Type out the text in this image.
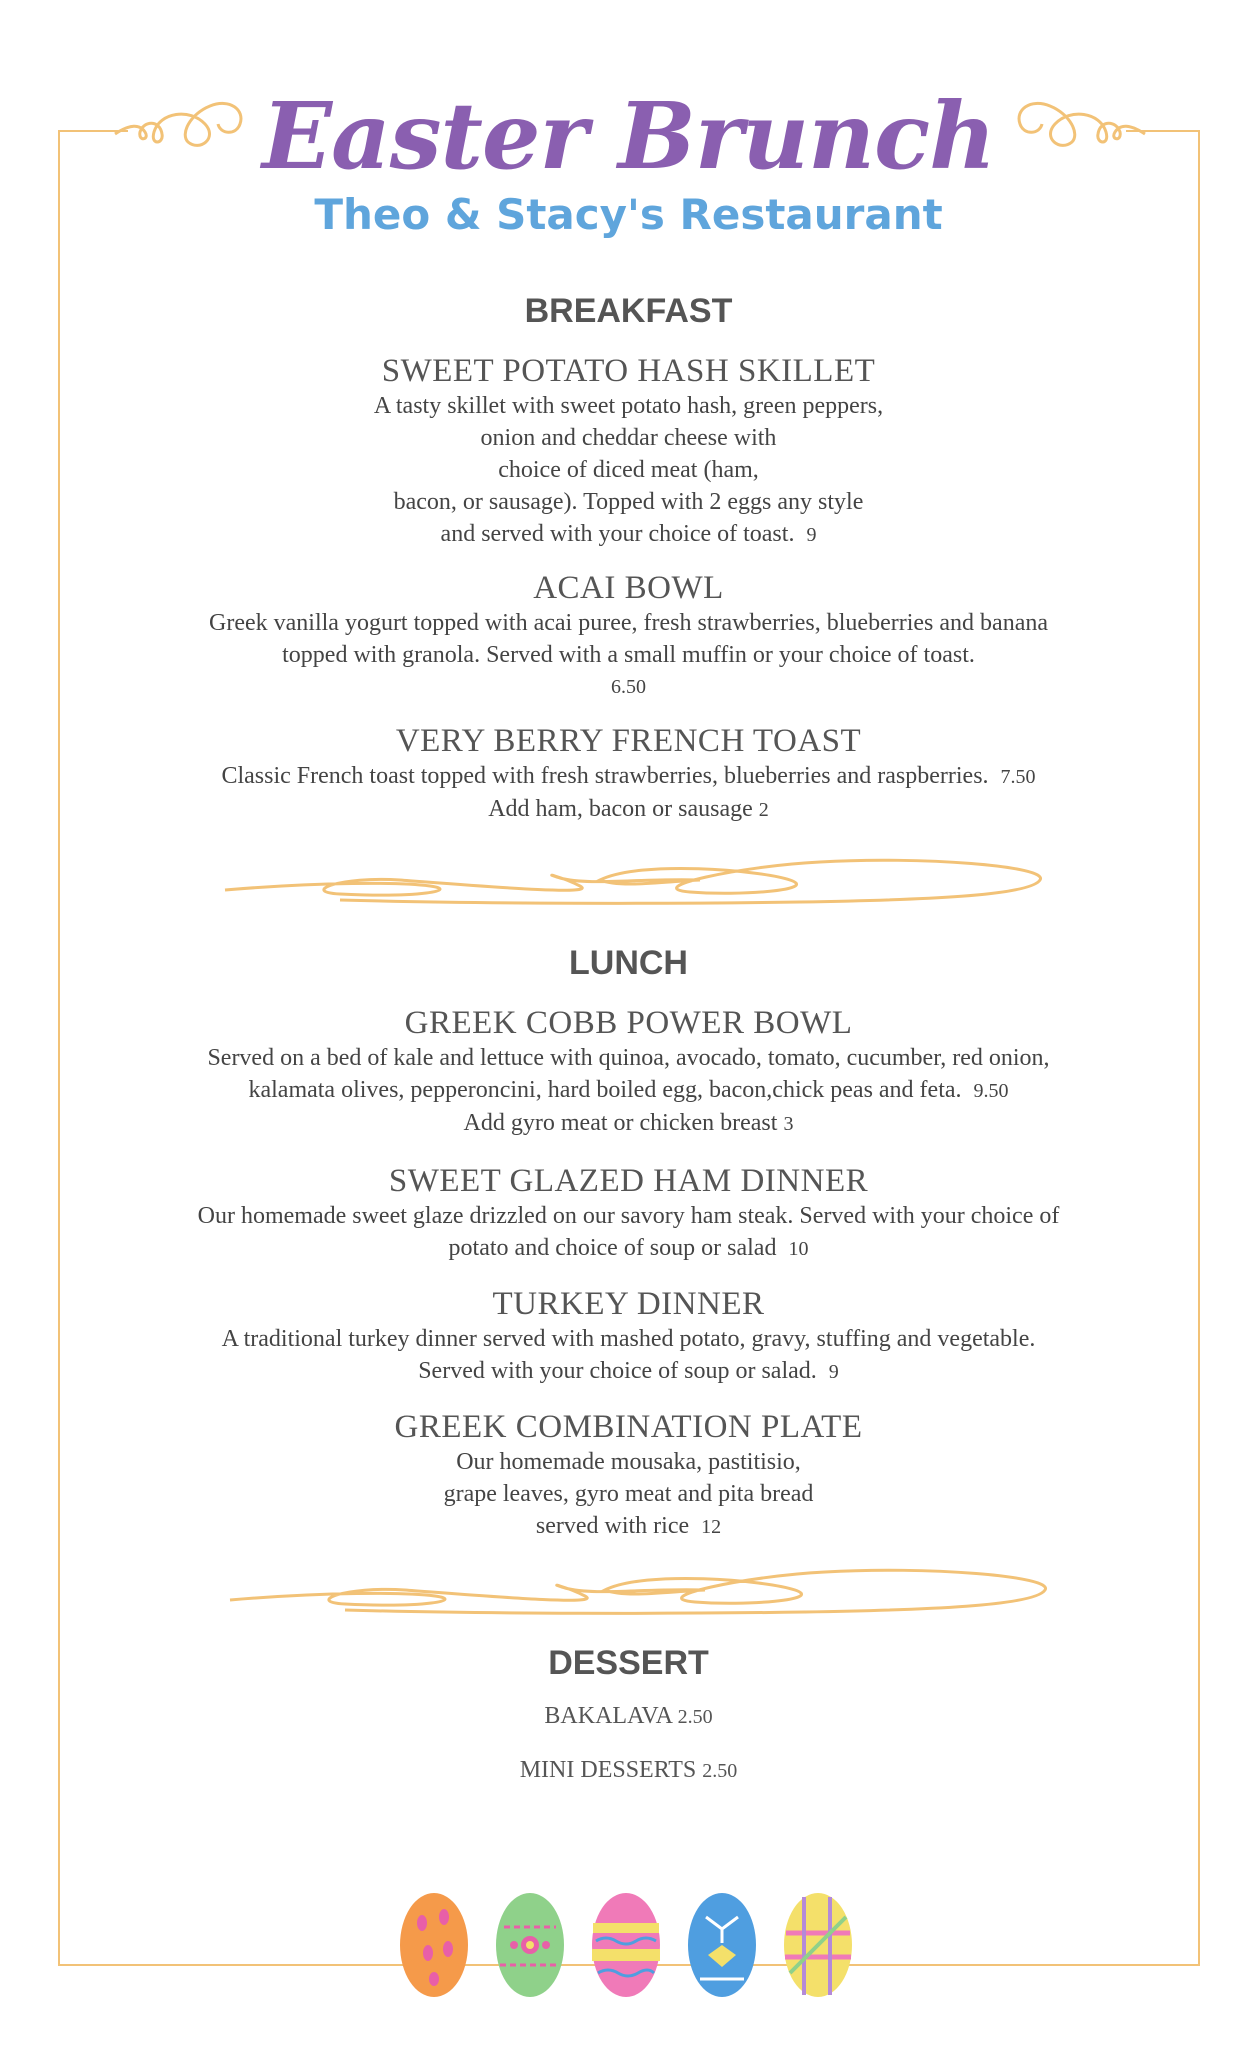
Easter Brunch
Theo & Stacy's Restaurant
BREAKFAST

SWEET POTATO HASH SKILLET

A tasty skillet with sweet potato hash, green peppers,

onion and cheddar cheese with

choice of diced meat (ham,

bacon, or sausage). Topped with 2 eggs any style

and served with your choice of toast. 9

ACAI BOWL

Greek vanilla yogurt topped with acai puree, fresh strawberries, blueberries and banana

topped with granola. Served with a small muffin or your choice of toast.

6.50

VERY BERRY FRENCH TOAST

Classic French toast topped with fresh strawberries, blueberries and raspberries. 7.50

Add ham, bacon or sausage 2

LUNCH

GREEK COBB POWER BOWL

Served on a bed of kale and lettuce with quinoa, avocado, tomato, cucumber, red onion,

kalamata olives, pepperoncini, hard boiled egg, bacon,chick peas and feta. 9.50

Add gyro meat or chicken breast 3

SWEET GLAZED HAM DINNER

Our homemade sweet glaze drizzled on our savory ham steak. Served with your choice of

potato and choice of soup or salad 10

TURKEY DINNER

A traditional turkey dinner served with mashed potato, gravy, stuffing and vegetable.

Served with your choice of soup or salad. 9

GREEK COMBINATION PLATE

Our homemade mousaka, pastitisio,

grape leaves, gyro meat and pita bread

served with rice 12

DESSERT

BAKALAVA 2.50

MINI DESSERTS 2.50
